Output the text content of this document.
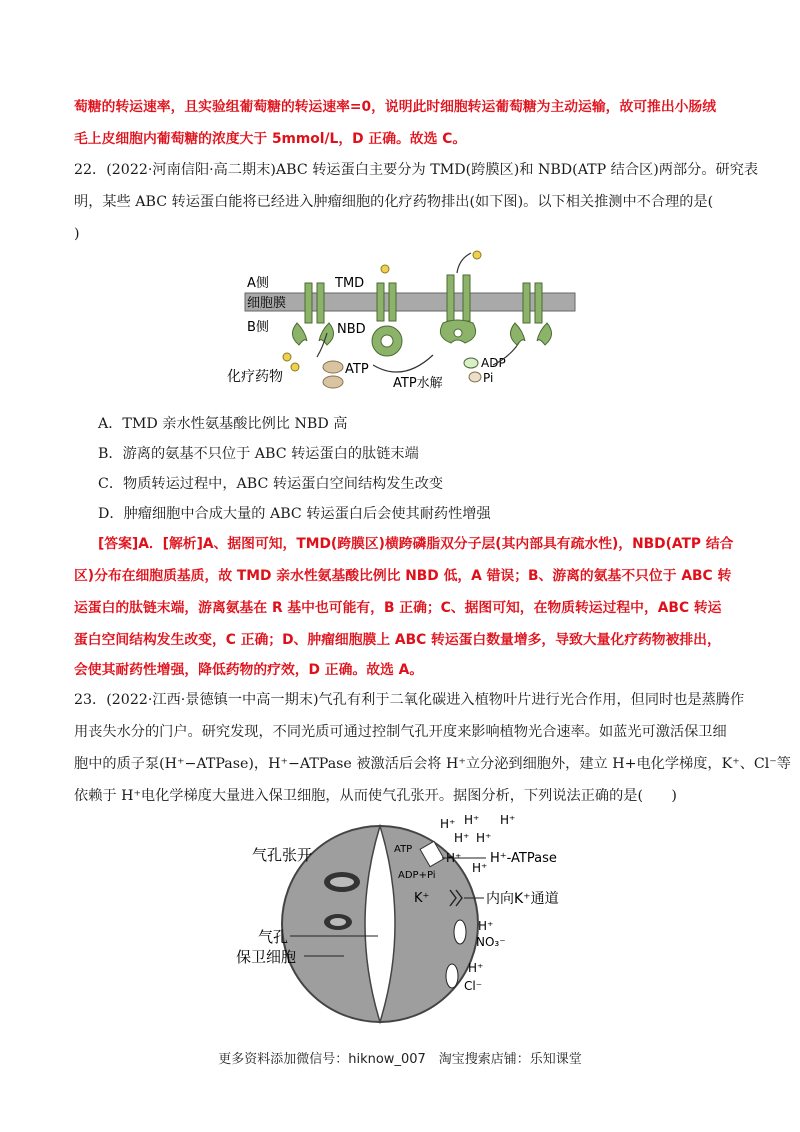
萄糖的转运速率，且实验组葡萄糖的转运速率=0，说明此时细胞转运葡萄糖为主动运输，故可推出小肠绒
毛上皮细胞内葡萄糖的浓度大于 5mmol/L，D 正确。故选 C。
22．(2022·河南信阳·高二期末)ABC 转运蛋白主要分为 TMD(跨膜区)和 NBD(ATP 结合区)两部分。研究表
明，某些 ABC 转运蛋白能将已经进入肿瘤细胞的化疗药物排出(如下图)。以下相关推测中不合理的是(
)
A侧
细胞膜
B侧
TMD
NBD
化疗药物	ATP
ATP水解
ADP
Pi
A．TMD 亲水性氨基酸比例比 NBD 高
B．游离的氨基不只位于 ABC 转运蛋白的肽链末端
C．物质转运过程中，ABC 转运蛋白空间结构发生改变
D．肿瘤细胞中合成大量的 ABC 转运蛋白后会使其耐药性增强
[答案]A．[解析]A、据图可知，TMD(跨膜区)横跨磷脂双分子层(其内部具有疏水性)，NBD(ATP 结合
区)分布在细胞质基质，故 TMD 亲水性氨基酸比例比 NBD 低，A 错误；B、游离的氨基不只位于 ABC 转
运蛋白的肽链末端，游离氨基在 R 基中也可能有，B 正确；C、据图可知，在物质转运过程中，ABC 转运
蛋白空间结构发生改变，C 正确；D、肿瘤细胞膜上 ABC 转运蛋白数量增多，导致大量化疗药物被排出，
会使其耐药性增强，降低药物的疗效，D 正确。故选 A。
23．(2022·江西·景德镇一中高一期末)气孔有利于二氧化碳进入植物叶片进行光合作用，但同时也是蒸腾作
用丧失水分的门户。研究发现，不同光质可通过控制气孔开度来影响植物光合速率。如蓝光可激活保卫细
胞中的质子泵(H⁺−ATPase)，H⁺−ATPase 被激活后会将 H⁺立分泌到细胞外，建立 H+电化学梯度，K⁺、Cl⁻等
依赖于 H⁺电化学梯度大量进入保卫细胞，从而使气孔张开。据图分析，下列说法正确的是(　　)
气孔张开
气孔
保卫细胞
H⁺ H⁺ H⁺
H⁺ H⁺
H⁺
H⁺
ATP
ADP+Pi
H⁺-ATPase
K⁺	内向K⁺通道
H⁺
NO₃⁻
H⁺
Cl⁻
更多资料添加微信号：hiknow_007　淘宝搜索店铺：乐知课堂
